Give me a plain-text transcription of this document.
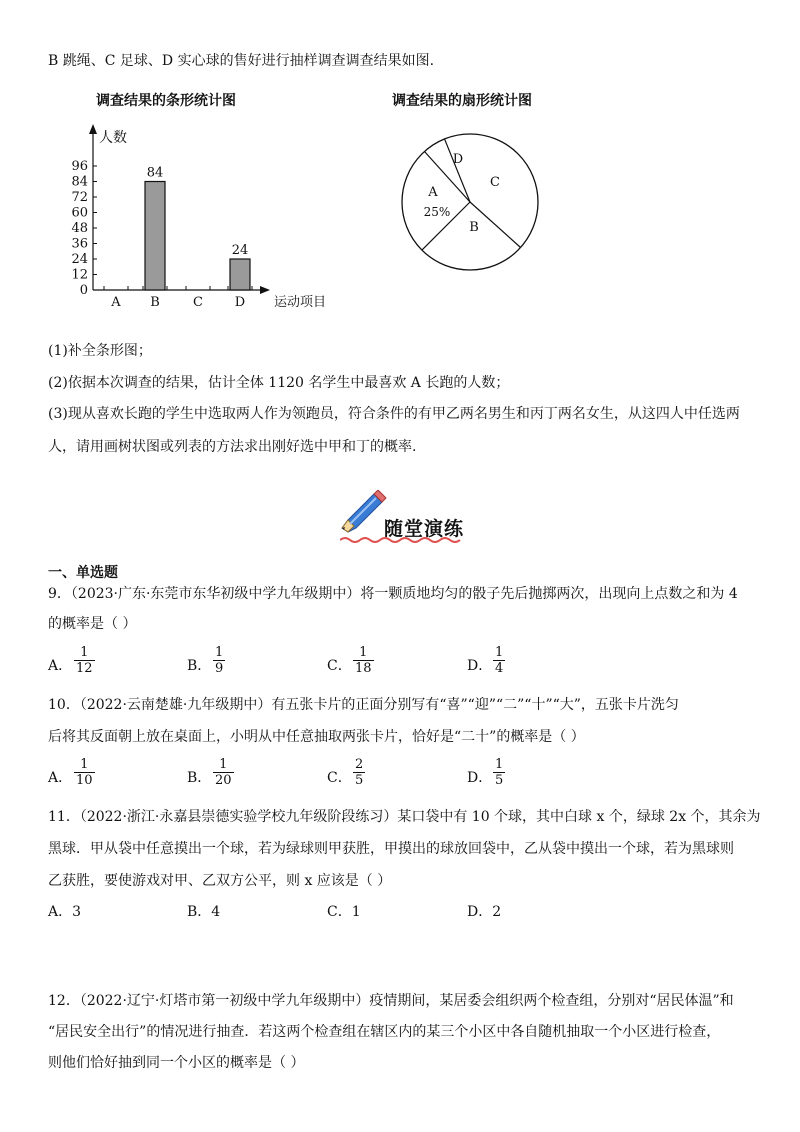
B 跳绳、C 足球、D 实心球的售好进行抽样调查调查结果如图.
调查结果的条形统计图	调查结果的扇形统计图
人数
运动项目
0
12
24
36
48
60
72
84
96
A B
84
C D
24
D
C
A
25%
B
(1)补全条形图；
(2)依据本次调查的结果，估计全体 1120 名学生中最喜欢 A 长跑的人数；
(3)现从喜欢长跑的学生中选取两人作为领跑员，符合条件的有甲乙两名男生和丙丁两名女生，从这四人中任选两
人，请用画树状图或列表的方法求出刚好选中甲和丁的概率.
随堂演练
一、单选题
9．（2023·广东·东莞市东华初级中学九年级期中）将一颗质地均匀的骰子先后抛掷两次，出现向上点数之和为 4
的概率是（ ）
A． $\frac{1}{12}$	B． $\frac{1}{9}$	C． $\frac{1}{18}$	D． $\frac{1}{4}$
10．（2022·云南楚雄·九年级期中）有五张卡片的正面分别写有“喜”“迎”“二”“十”“大”，五张卡片洗匀
后将其反面朝上放在桌面上，小明从中任意抽取两张卡片，恰好是“二十”的概率是（ ）
A． $\frac{1}{10}$	B． $\frac{1}{20}$	C． $\frac{2}{5}$	D． $\frac{1}{5}$
11．（2022·浙江·永嘉县崇德实验学校九年级阶段练习）某口袋中有 10 个球，其中白球 x 个，绿球 2x 个，其余为
黑球．甲从袋中任意摸出一个球，若为绿球则甲获胜，甲摸出的球放回袋中，乙从袋中摸出一个球，若为黑球则
乙获胜，要使游戏对甲、乙双方公平，则 x 应该是（ ）
A．3	B．4	C．1	D．2
12．（2022·辽宁·灯塔市第一初级中学九年级期中）疫情期间，某居委会组织两个检查组，分别对“居民体温”和
“居民安全出行”的情况进行抽查．若这两个检查组在辖区内的某三个小区中各自随机抽取一个小区进行检查，
则他们恰好抽到同一个小区的概率是（ ）
